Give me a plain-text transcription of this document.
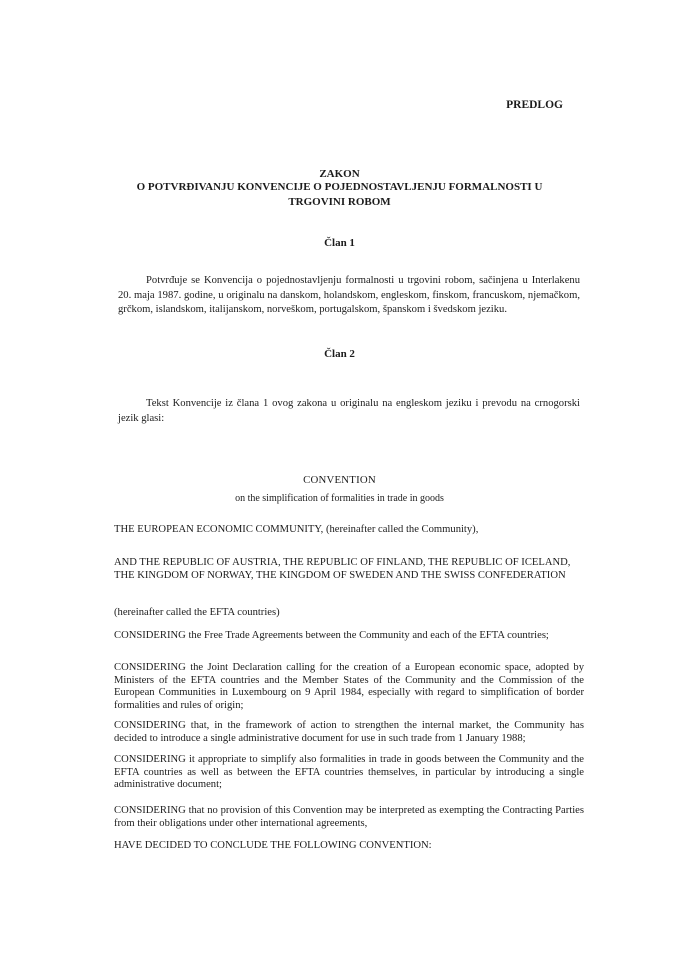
PREDLOG
ZAKON
O POTVRĐIVANJU KONVENCIJE O POJEDNOSTAVLJENJU FORMALNOSTI U
TRGOVINI ROBOM
Član 1
Potvrđuje se Konvencija o pojednostavljenju formalnosti u trgovini robom, sačinjena u Interlakenu 20. maja 1987. godine, u originalu na danskom, holandskom, engleskom, finskom, francuskom, njemačkom, grčkom, islandskom, italijanskom, norveškom, portugalskom, španskom i švedskom jeziku.
Član 2
Tekst Konvencije iz člana 1 ovog zakona u originalu na engleskom jeziku i prevodu na crnogorski jezik glasi:
CONVENTION
on the simplification of formalities in trade in goods
THE EUROPEAN ECONOMIC COMMUNITY, (hereinafter called the Community),
AND THE REPUBLIC OF AUSTRIA, THE REPUBLIC OF FINLAND, THE REPUBLIC OF ICELAND, THE KINGDOM OF NORWAY, THE KINGDOM OF SWEDEN AND THE SWISS CONFEDERATION
(hereinafter called the EFTA countries)
CONSIDERING the Free Trade Agreements between the Community and each of the EFTA countries;
CONSIDERING the Joint Declaration calling for the creation of a European economic space, adopted by Ministers of the EFTA countries and the Member States of the Community and the Commission of the European Communities in Luxembourg on 9 April 1984, especially with regard to simplification of border formalities and rules of origin;
CONSIDERING that, in the framework of action to strengthen the internal market, the Community has decided to introduce a single administrative document for use in such trade from 1 January 1988;
CONSIDERING it appropriate to simplify also formalities in trade in goods between the Community and the EFTA countries as well as between the EFTA countries themselves, in particular by introducing a single administrative document;
CONSIDERING that no provision of this Convention may be interpreted as exempting the Contracting Parties from their obligations under other international agreements,
HAVE DECIDED TO CONCLUDE THE FOLLOWING CONVENTION:
